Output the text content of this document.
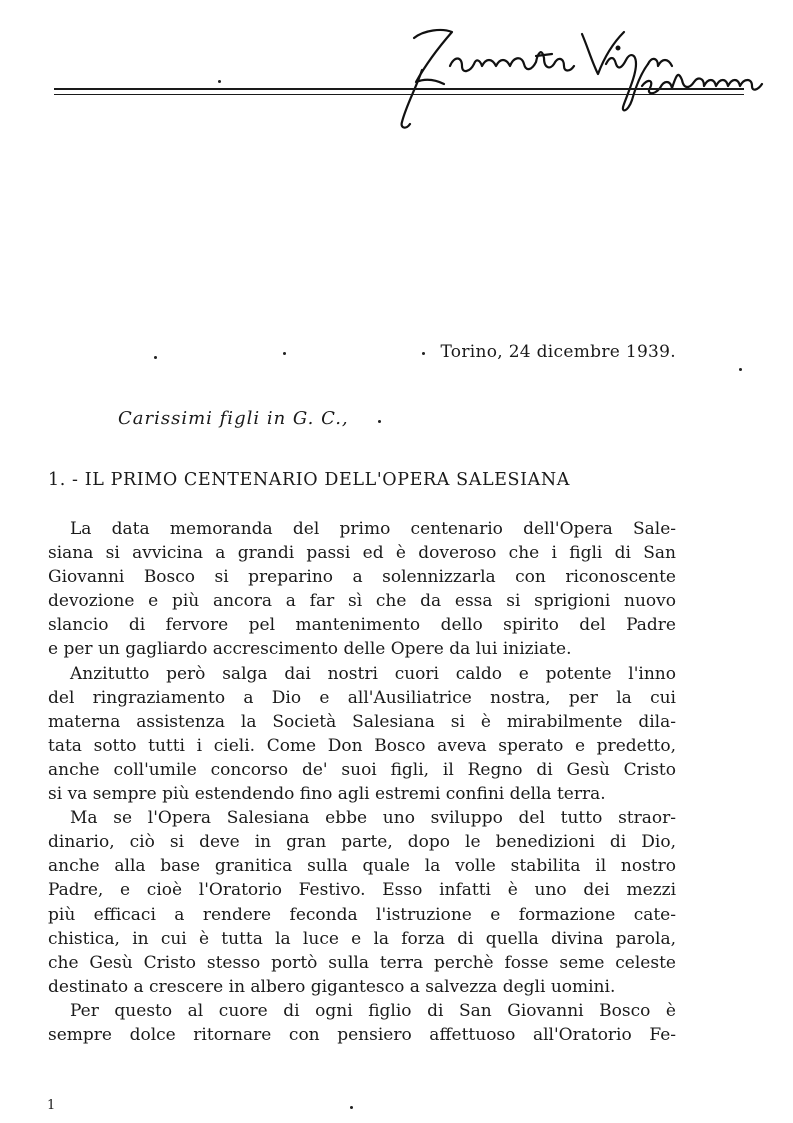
Torino, 24 dicembre 1939.
Carissimi figli in G. C.,
1. - IL PRIMO CENTENARIO DELL'OPERA SALESIANA
La data memoranda del primo centenario dell'Opera Sale-
siana si avvicina a grandi passi ed è doveroso che i figli di San
Giovanni Bosco si preparino a solennizzarla con riconoscente
devozione e più ancora a far sì che da essa si sprigioni nuovo
slancio di fervore pel mantenimento dello spirito del Padre
e per un gagliardo accrescimento delle Opere da lui iniziate.
Anzitutto però salga dai nostri cuori caldo e potente l'inno
del ringraziamento a Dio e all'Ausiliatrice nostra, per la cui
materna assistenza la Società Salesiana si è mirabilmente dila-
tata sotto tutti i cieli. Come Don Bosco aveva sperato e predetto,
anche coll'umile concorso de' suoi figli, il Regno di Gesù Cristo
si va sempre più estendendo fino agli estremi confini della terra.
Ma se l'Opera Salesiana ebbe uno sviluppo del tutto straor-
dinario, ciò si deve in gran parte, dopo le benedizioni di Dio,
anche alla base granitica sulla quale la volle stabilita il nostro
Padre, e cioè l'Oratorio Festivo. Esso infatti è uno dei mezzi
più efficaci a rendere feconda l'istruzione e formazione cate-
chistica, in cui è tutta la luce e la forza di quella divina parola,
che Gesù Cristo stesso portò sulla terra perchè fosse seme celeste
destinato a crescere in albero gigantesco a salvezza degli uomini.
Per questo al cuore di ogni figlio di San Giovanni Bosco è
sempre dolce ritornare con pensiero affettuoso all'Oratorio Fe-
1
